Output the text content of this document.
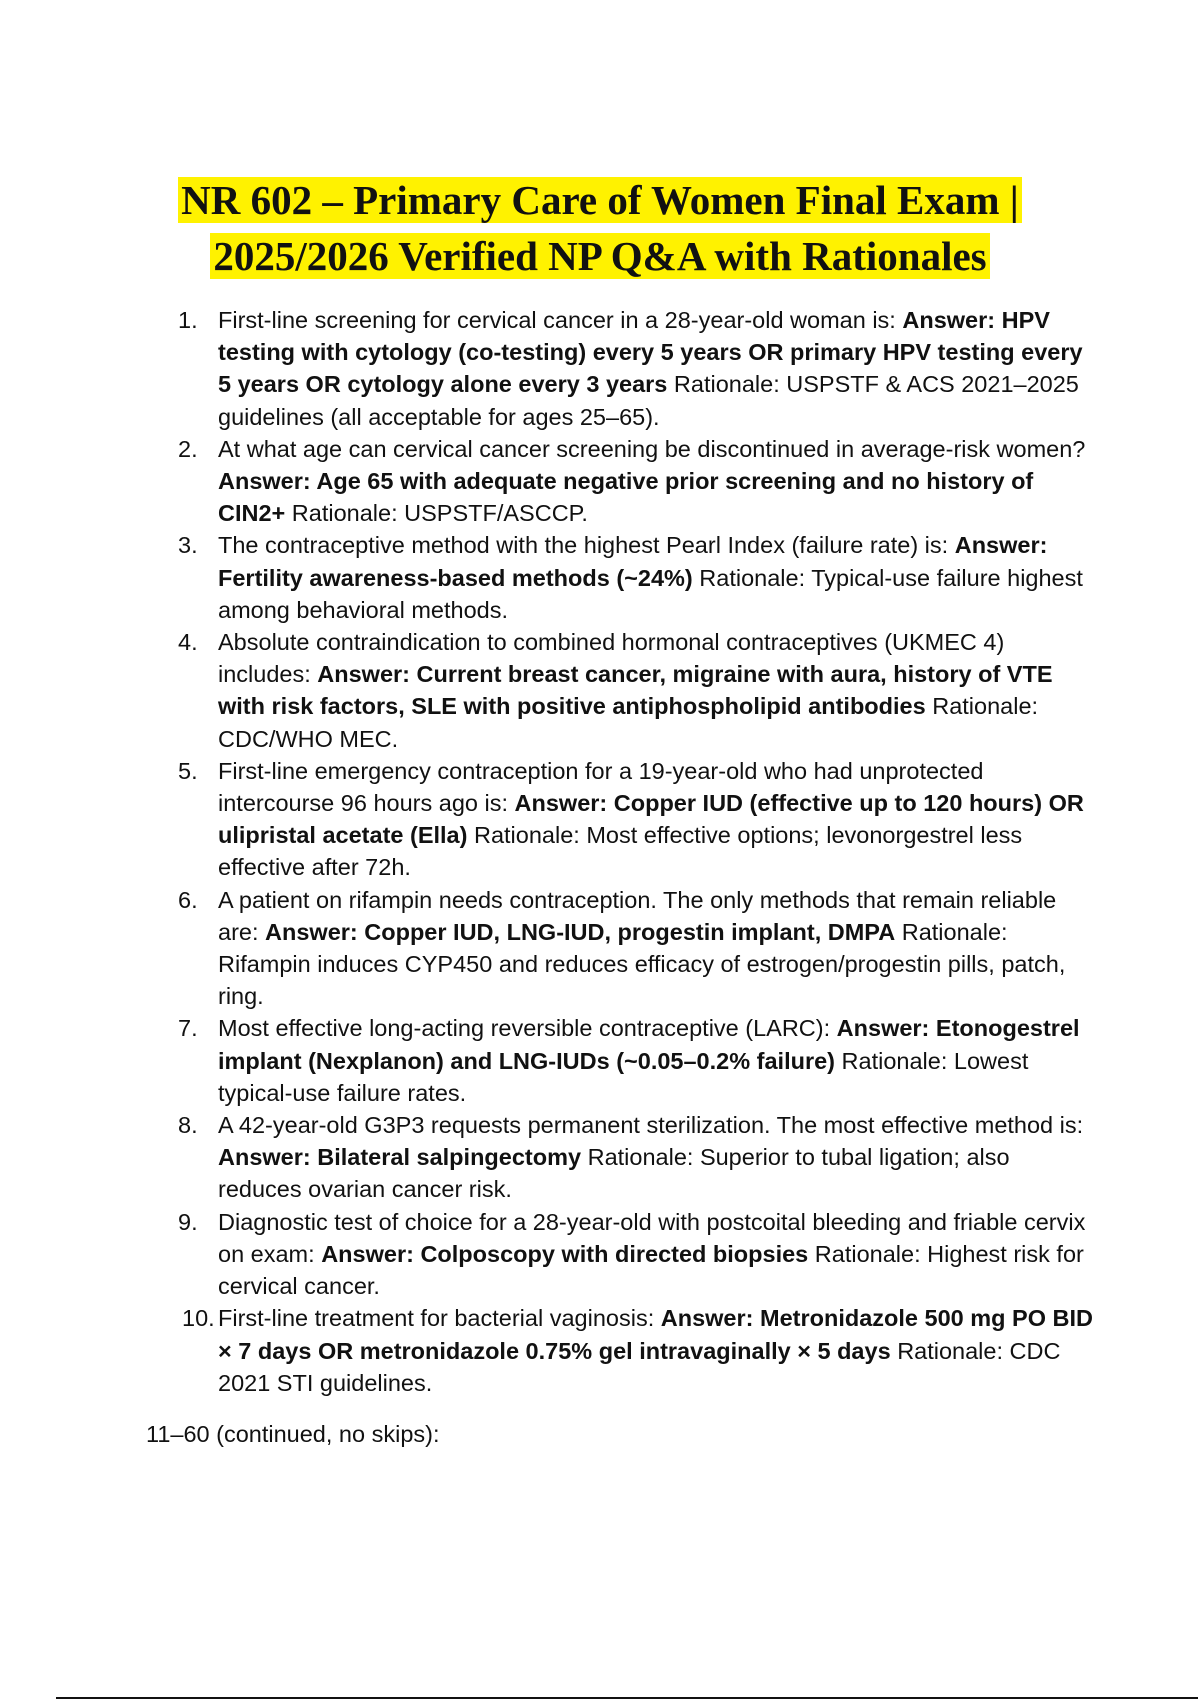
NR 602 – Primary Care of Women Final Exam |
2025/2026 Verified NP Q&A with Rationales
1. First-line screening for cervical cancer in a 28-year-old woman is: Answer: HPV testing with cytology (co-testing) every 5 years OR primary HPV testing every 5 years OR cytology alone every 3 years Rationale: USPSTF & ACS 2021–2025 guidelines (all acceptable for ages 25–65).
2. At what age can cervical cancer screening be discontinued in average-risk women? Answer: Age 65 with adequate negative prior screening and no history of CIN2+ Rationale: USPSTF/ASCCP.
3. The contraceptive method with the highest Pearl Index (failure rate) is: Answer: Fertility awareness-based methods (~24%) Rationale: Typical-use failure highest among behavioral methods.
4. Absolute contraindication to combined hormonal contraceptives (UKMEC 4) includes: Answer: Current breast cancer, migraine with aura, history of VTE with risk factors, SLE with positive antiphospholipid antibodies Rationale: CDC/WHO MEC.
5. First-line emergency contraception for a 19-year-old who had unprotected intercourse 96 hours ago is: Answer: Copper IUD (effective up to 120 hours) OR ulipristal acetate (Ella) Rationale: Most effective options; levonorgestrel less effective after 72h.
6. A patient on rifampin needs contraception. The only methods that remain reliable are: Answer: Copper IUD, LNG-IUD, progestin implant, DMPA Rationale: Rifampin induces CYP450 and reduces efficacy of estrogen/progestin pills, patch, ring.
7. Most effective long-acting reversible contraceptive (LARC): Answer: Etonogestrel implant (Nexplanon) and LNG-IUDs (~0.05–0.2% failure) Rationale: Lowest typical-use failure rates.
8. A 42-year-old G3P3 requests permanent sterilization. The most effective method is: Answer: Bilateral salpingectomy Rationale: Superior to tubal ligation; also reduces ovarian cancer risk.
9. Diagnostic test of choice for a 28-year-old with postcoital bleeding and friable cervix on exam: Answer: Colposcopy with directed biopsies Rationale: Highest risk for cervical cancer.
10. First-line treatment for bacterial vaginosis: Answer: Metronidazole 500 mg PO BID × 7 days OR metronidazole 0.75% gel intravaginally × 5 days Rationale: CDC 2021 STI guidelines.
11–60 (continued, no skips):
